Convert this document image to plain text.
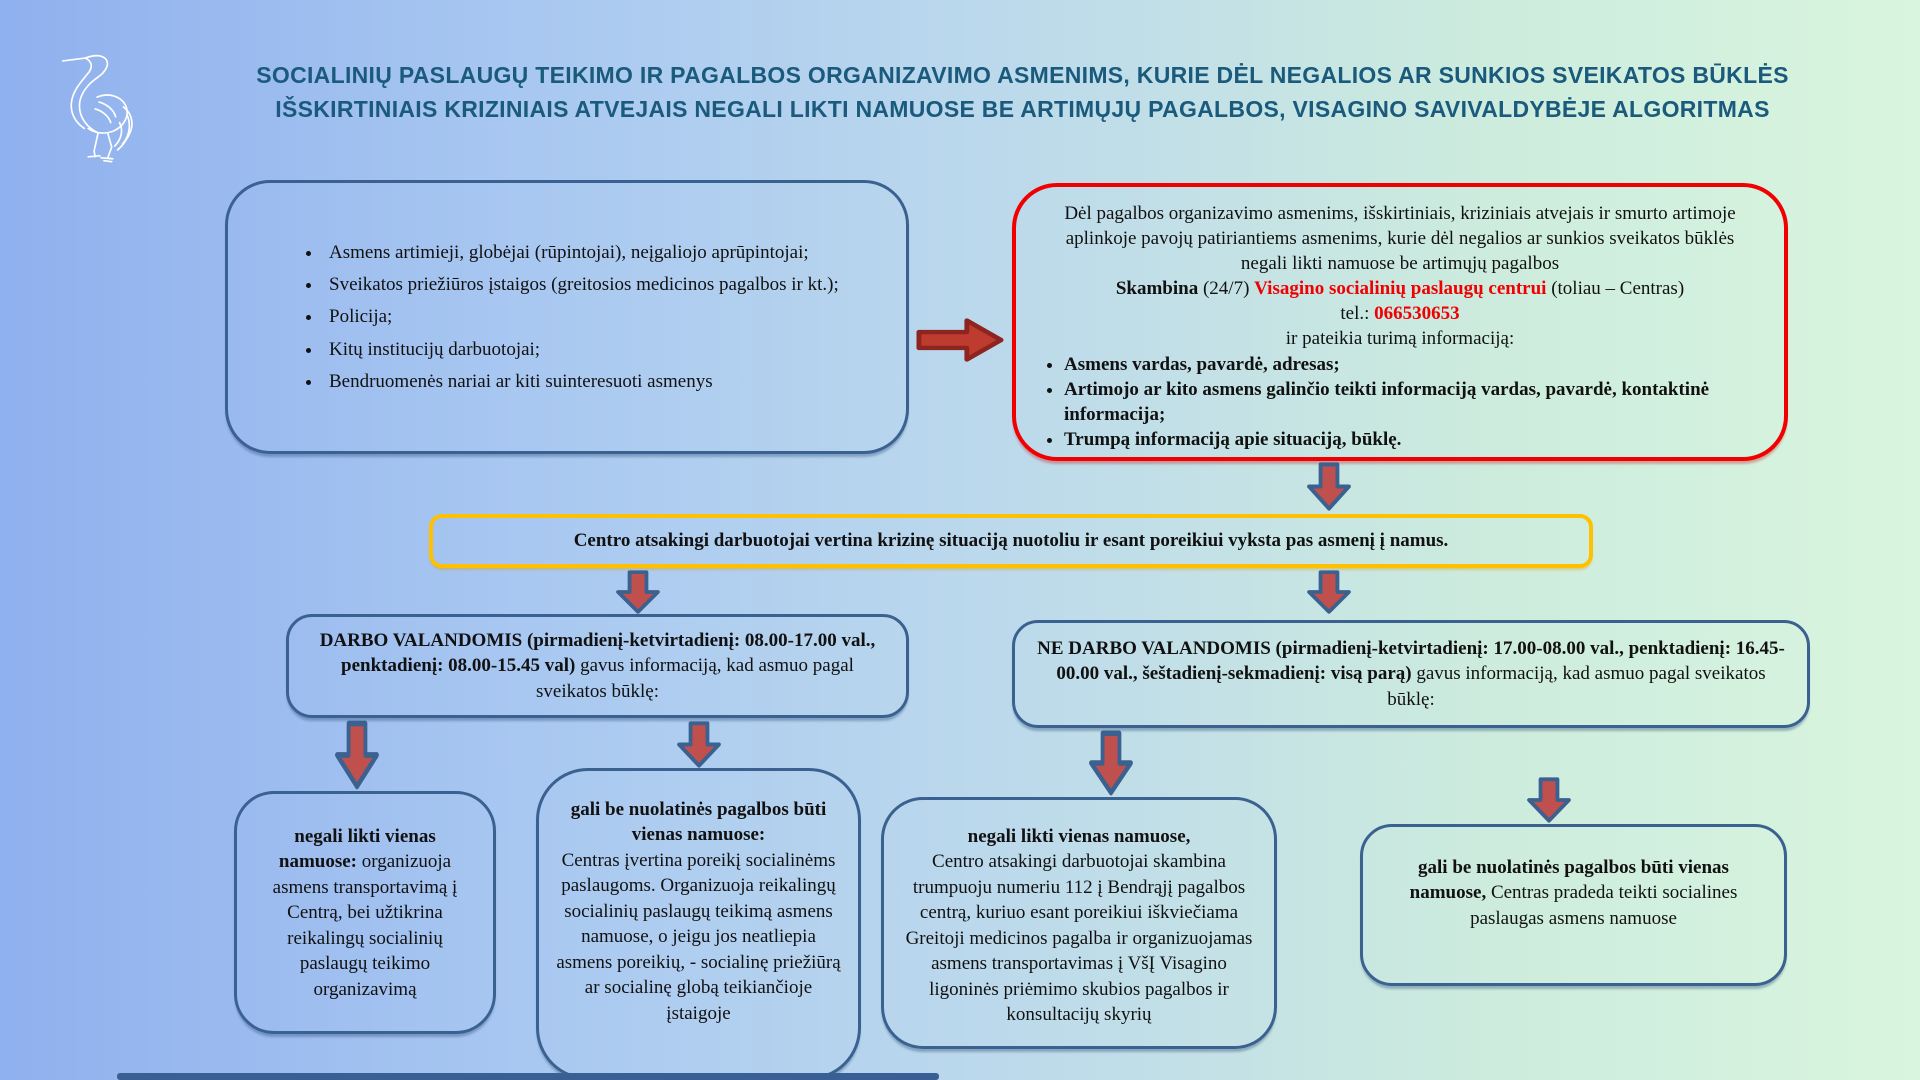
SOCIALINIŲ PASLAUGŲ TEIKIMO IR PAGALBOS ORGANIZAVIMO ASMENIMS, KURIE DĖL NEGALIOS AR SUNKIOS SVEIKATOS BŪKLĖS
IŠSKIRTINIAIS KRIZINIAIS ATVEJAIS NEGALI LIKTI NAMUOSE BE ARTIMŲJŲ PAGALBOS, VISAGINO SAVIVALDYBĖJE ALGORITMAS
• Asmens artimieji, globėjai (rūpintojai), neįgaliojo aprūpintojai;
• Sveikatos priežiūros įstaigos (greitosios medicinos pagalbos ir kt.);
• Policija;
• Kitų institucijų darbuotojai;
• Bendruomenės nariai ar kiti suinteresuoti asmenys
Dėl pagalbos organizavimo asmenims, išskirtiniais, kriziniais atvejais ir smurto artimoje aplinkoje pavojų patiriantiems asmenims, kurie dėl negalios ar sunkios sveikatos būklės negali likti namuose be artimųjų pagalbos
Skambina (24/7) Visagino socialinių paslaugų centrui (toliau – Centras)
tel.: 066530653
ir pateikia turimą informaciją:
• Asmens vardas, pavardė, adresas;
• Artimojo ar kito asmens galinčio teikti informaciją vardas, pavardė, kontaktinė informacija;
• Trumpą informaciją apie situaciją, būklę.
Centro atsakingi darbuotojai vertina krizinę situaciją nuotoliu ir esant poreikiui vyksta pas asmenį į namus.
DARBO VALANDOMIS (pirmadienį-ketvirtadienį: 08.00-17.00 val., penktadienį: 08.00-15.45 val) gavus informaciją, kad asmuo pagal sveikatos būklę:
NE DARBO VALANDOMIS (pirmadienį-ketvirtadienį: 17.00-08.00 val., penktadienį: 16.45-00.00 val., šeštadienį-sekmadienį: visą parą) gavus informaciją, kad asmuo pagal sveikatos būklę:
negali likti vienas namuose: organizuoja asmens transportavimą į Centrą, bei užtikrina reikalingų socialinių paslaugų teikimo organizavimą
gali be nuolatinės pagalbos būti vienas namuose:
Centras įvertina poreikį socialinėms paslaugoms. Organizuoja reikalingų socialinių paslaugų teikimą asmens namuose, o jeigu jos neatliepia asmens poreikių, - socialinę priežiūrą ar socialinę globą teikiančioje įstaigoje
negali likti vienas namuose,
Centro atsakingi darbuotojai skambina trumpuoju numeriu 112 į Bendrąjį pagalbos centrą, kuriuo esant poreikiui iškviečiama Greitoji medicinos pagalba ir organizuojamas asmens transportavimas į VšĮ Visagino ligoninės priėmimo skubios pagalbos ir konsultacijų skyrių
gali be nuolatinės pagalbos būti vienas namuose, Centras pradeda teikti socialines paslaugas asmens namuose
